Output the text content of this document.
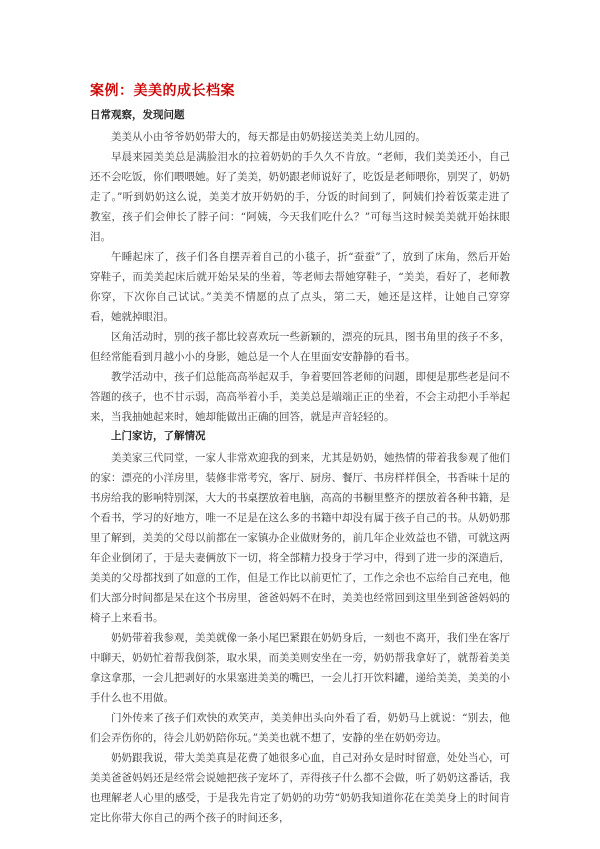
案例：美美的成长档案
日常观察，发现问题

美美从小由爷爷奶奶带大的，每天都是由奶奶接送美美上幼儿园的。

早晨来园美美总是满脸泪水的拉着奶奶的手久久不肯放。“老师，我们美美还小，自己还不会吃饭，你们喂喂她。好了美美，奶奶跟老师说好了，吃饭是老师喂你，别哭了，奶奶走了。”听到奶奶这么说，美美才放开奶奶的手，分饭的时间到了，阿姨们拎着饭菜走进了教室，孩子们会伸长了脖子问：“阿姨，今天我们吃什么？”可每当这时候美美就开始抹眼泪。

午睡起床了，孩子们各自摆弄着自己的小毯子，折“蚕蚕”了，放到了床角，然后开始穿鞋子，而美美起床后就开始呆呆的坐着，等老师去帮她穿鞋子，“美美，看好了，老师教你穿，下次你自己试试。”美美不情愿的点了点头，第二天，她还是这样，让她自己穿穿看，她就掉眼泪。

区角活动时，别的孩子都比较喜欢玩一些新颖的，漂亮的玩具，图书角里的孩子不多，但经常能看到月越小小的身影，她总是一个人在里面安安静静的看书。

教学活动中，孩子们总能高高举起双手，争着要回答老师的问题，即便是那些老是问不答题的孩子，也不甘示弱，高高举着小手，美美总是端端正正的坐着，不会主动把小手举起来，当我抽她起来时，她却能做出正确的回答，就是声音轻轻的。

上门家访，了解情况

美美家三代同堂，一家人非常欢迎我的到来，尤其是奶奶，她热情的带着我参观了他们的家：漂亮的小洋房里，装修非常考究，客厅、厨房、餐厅、书房样样俱全，书香味十足的书房给我的影响特别深，大大的书桌摆放着电脑，高高的书橱里整齐的摆放着各种书籍，是个看书，学习的好地方，唯一不足是在这么多的书籍中却没有属于孩子自己的书。从奶奶那里了解到，美美的父母以前都在一家镇办企业做财务的，前几年企业效益也不错，可就这两年企业倒闭了，于是夫妻俩放下一切，将全部精力投身于学习中，得到了进一步的深造后，美美的父母都找到了如意的工作，但是工作比以前更忙了，工作之余也不忘给自己充电，他们大部分时间都是呆在这个书房里，爸爸妈妈不在时，美美也经常回到这里坐到爸爸妈妈的椅子上来看书。

奶奶带着我参观，美美就像一条小尾巴紧跟在奶奶身后，一刻也不离开，我们坐在客厅中聊天，奶奶忙着帮我倒茶，取水果，而美美则安坐在一旁，奶奶帮我拿好了，就帮着美美拿这拿那，一会儿把剥好的水果塞进美美的嘴巴，一会儿打开饮料罐，递给美美，美美的小手什么也不用做。

门外传来了孩子们欢快的欢笑声，美美伸出头向外看了看，奶奶马上就说：“别去，他们会弄伤你的，待会儿奶奶陪你玩。”美美也就不想了，安静的坐在奶奶旁边。

奶奶跟我说，带大美美真是花费了她很多心血，自己对孙女是时时留意，处处当心，可美美爸爸妈妈还是经常会说她把孩子宠坏了，弄得孩子什么都不会做，听了奶奶这番话，我也理解老人心里的感受，于是我先肯定了奶奶的功劳“奶奶我知道你花在美美身上的时间肯定比你带大你自己的两个孩子的时间还多，
